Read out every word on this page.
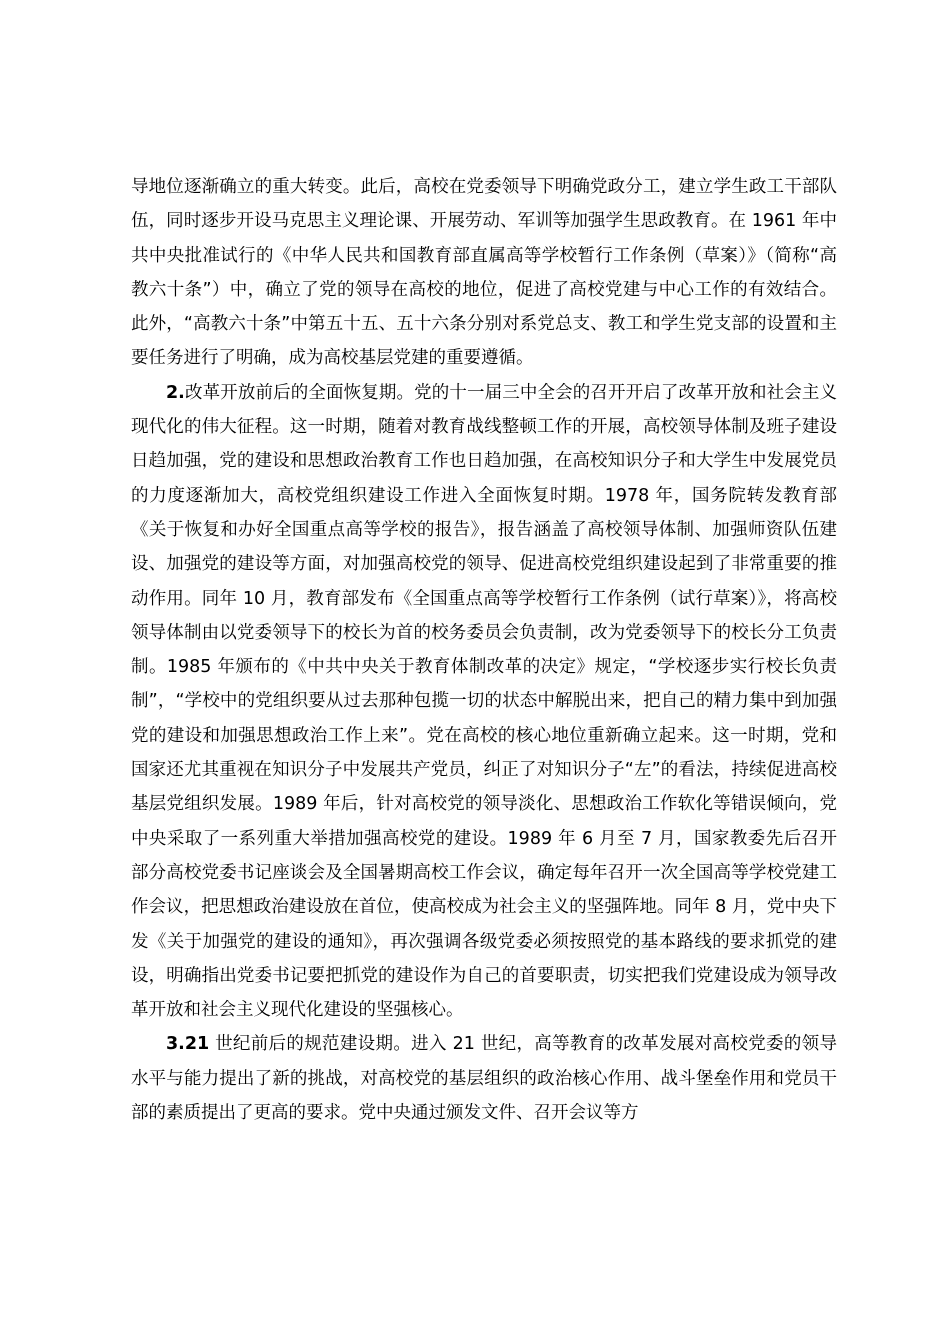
导地位逐渐确立的重大转变。此后，高校在党委领导下明确党政分工，建立学生政工干部队伍，同时逐步开设马克思主义理论课、开展劳动、军训等加强学生思政教育。在 1961 年中共中央批准试行的《中华人民共和国教育部直属高等学校暂行工作条例（草案）》（简称“高教六十条”）中，确立了党的领导在高校的地位，促进了高校党建与中心工作的有效结合。此外，“高教六十条”中第五十五、五十六条分别对系党总支、教工和学生党支部的设置和主要任务进行了明确，成为高校基层党建的重要遵循。

2.改革开放前后的全面恢复期。党的十一届三中全会的召开开启了改革开放和社会主义现代化的伟大征程。这一时期，随着对教育战线整顿工作的开展，高校领导体制及班子建设日趋加强，党的建设和思想政治教育工作也日趋加强，在高校知识分子和大学生中发展党员的力度逐渐加大，高校党组织建设工作进入全面恢复时期。1978 年，国务院转发教育部《关于恢复和办好全国重点高等学校的报告》，报告涵盖了高校领导体制、加强师资队伍建设、加强党的建设等方面，对加强高校党的领导、促进高校党组织建设起到了非常重要的推动作用。同年 10 月，教育部发布《全国重点高等学校暂行工作条例（试行草案）》，将高校领导体制由以党委领导下的校长为首的校务委员会负责制，改为党委领导下的校长分工负责制。1985 年颁布的《中共中央关于教育体制改革的决定》规定，“学校逐步实行校长负责制”，“学校中的党组织要从过去那种包揽一切的状态中解脱出来，把自己的精力集中到加强党的建设和加强思想政治工作上来”。党在高校的核心地位重新确立起来。这一时期，党和国家还尤其重视在知识分子中发展共产党员，纠正了对知识分子“左”的看法，持续促进高校基层党组织发展。1989 年后，针对高校党的领导淡化、思想政治工作软化等错误倾向，党中央采取了一系列重大举措加强高校党的建设。1989 年 6 月至 7 月，国家教委先后召开部分高校党委书记座谈会及全国暑期高校工作会议，确定每年召开一次全国高等学校党建工作会议，把思想政治建设放在首位，使高校成为社会主义的坚强阵地。同年 8 月，党中央下发《关于加强党的建设的通知》，再次强调各级党委必须按照党的基本路线的要求抓党的建设，明确指出党委书记要把抓党的建设作为自己的首要职责，切实把我们党建设成为领导改革开放和社会主义现代化建设的坚强核心。

3.21 世纪前后的规范建设期。进入 21 世纪，高等教育的改革发展对高校党委的领导水平与能力提出了新的挑战，对高校党的基层组织的政治核心作用、战斗堡垒作用和党员干部的素质提出了更高的要求。党中央通过颁发文件、召开会议等方
